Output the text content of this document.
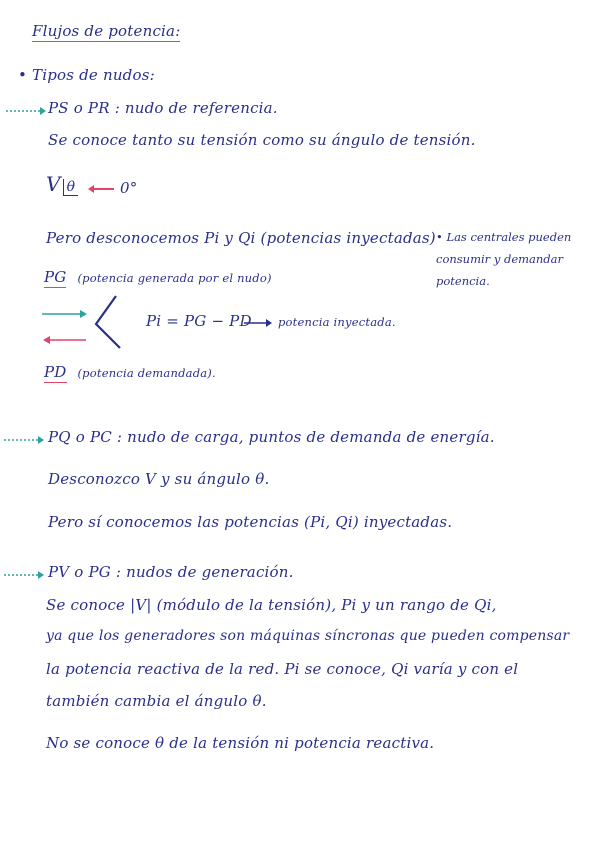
Flujos de potencia:
• Tipos de nudos:
PS o PR : nudo de referencia.
Se conoce tanto su tensión como su ángulo de tensión.
V θ	0°
Pero desconocemos Pi y Qi (potencias inyectadas) • Las centrales pueden
consumir y demandar
potencia.
PG (potencia generada por el nudo)
Pi = PG − PD potencia inyectada.
PD (potencia demandada).
PQ o PC : nudo de carga, puntos de demanda de energía.
Desconozco V y su ángulo θ.
Pero sí conocemos las potencias (Pi, Qi) inyectadas.
PV o PG : nudos de generación.
Se conoce |V| (módulo de la tensión), Pi y un rango de Qi,
ya que los generadores son máquinas síncronas que pueden compensar
la potencia reactiva de la red. Pi se conoce, Qi varía y con el
también cambia el ángulo θ.
No se conoce θ de la tensión ni potencia reactiva.
